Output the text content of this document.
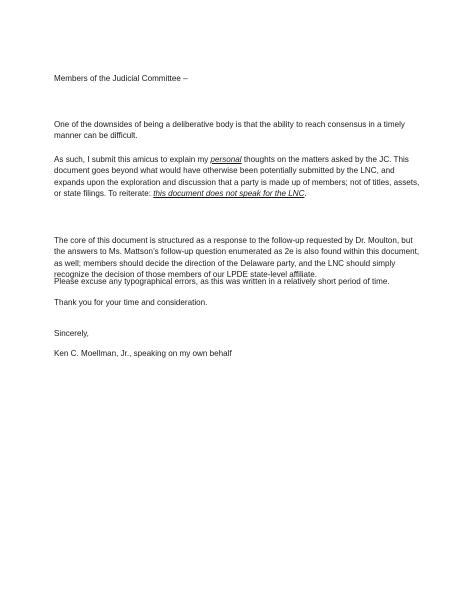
Members of the Judicial Committee –

One of the downsides of being a deliberative body is that the ability to reach consensus in a timely manner can be difficult.

As such, I submit this amicus to explain my personal thoughts on the matters asked by the JC. This document goes beyond what would have otherwise been potentially submitted by the LNC, and expands upon the exploration and discussion that a party is made up of members; not of titles, assets, or state filings. To reiterate: this document does not speak for the LNC.

The core of this document is structured as a response to the follow-up requested by Dr. Moulton, but the answers to Ms. Mattson’s follow-up question enumerated as 2e is also found within this document, as well; members should decide the direction of the Delaware party, and the LNC should simply recognize the decision of those members of our LPDE state-level affiliate.

Please excuse any typographical errors, as this was written in a relatively short period of time.

Thank you for your time and consideration.

Sincerely,

Ken C. Moellman, Jr., speaking on my own behalf
